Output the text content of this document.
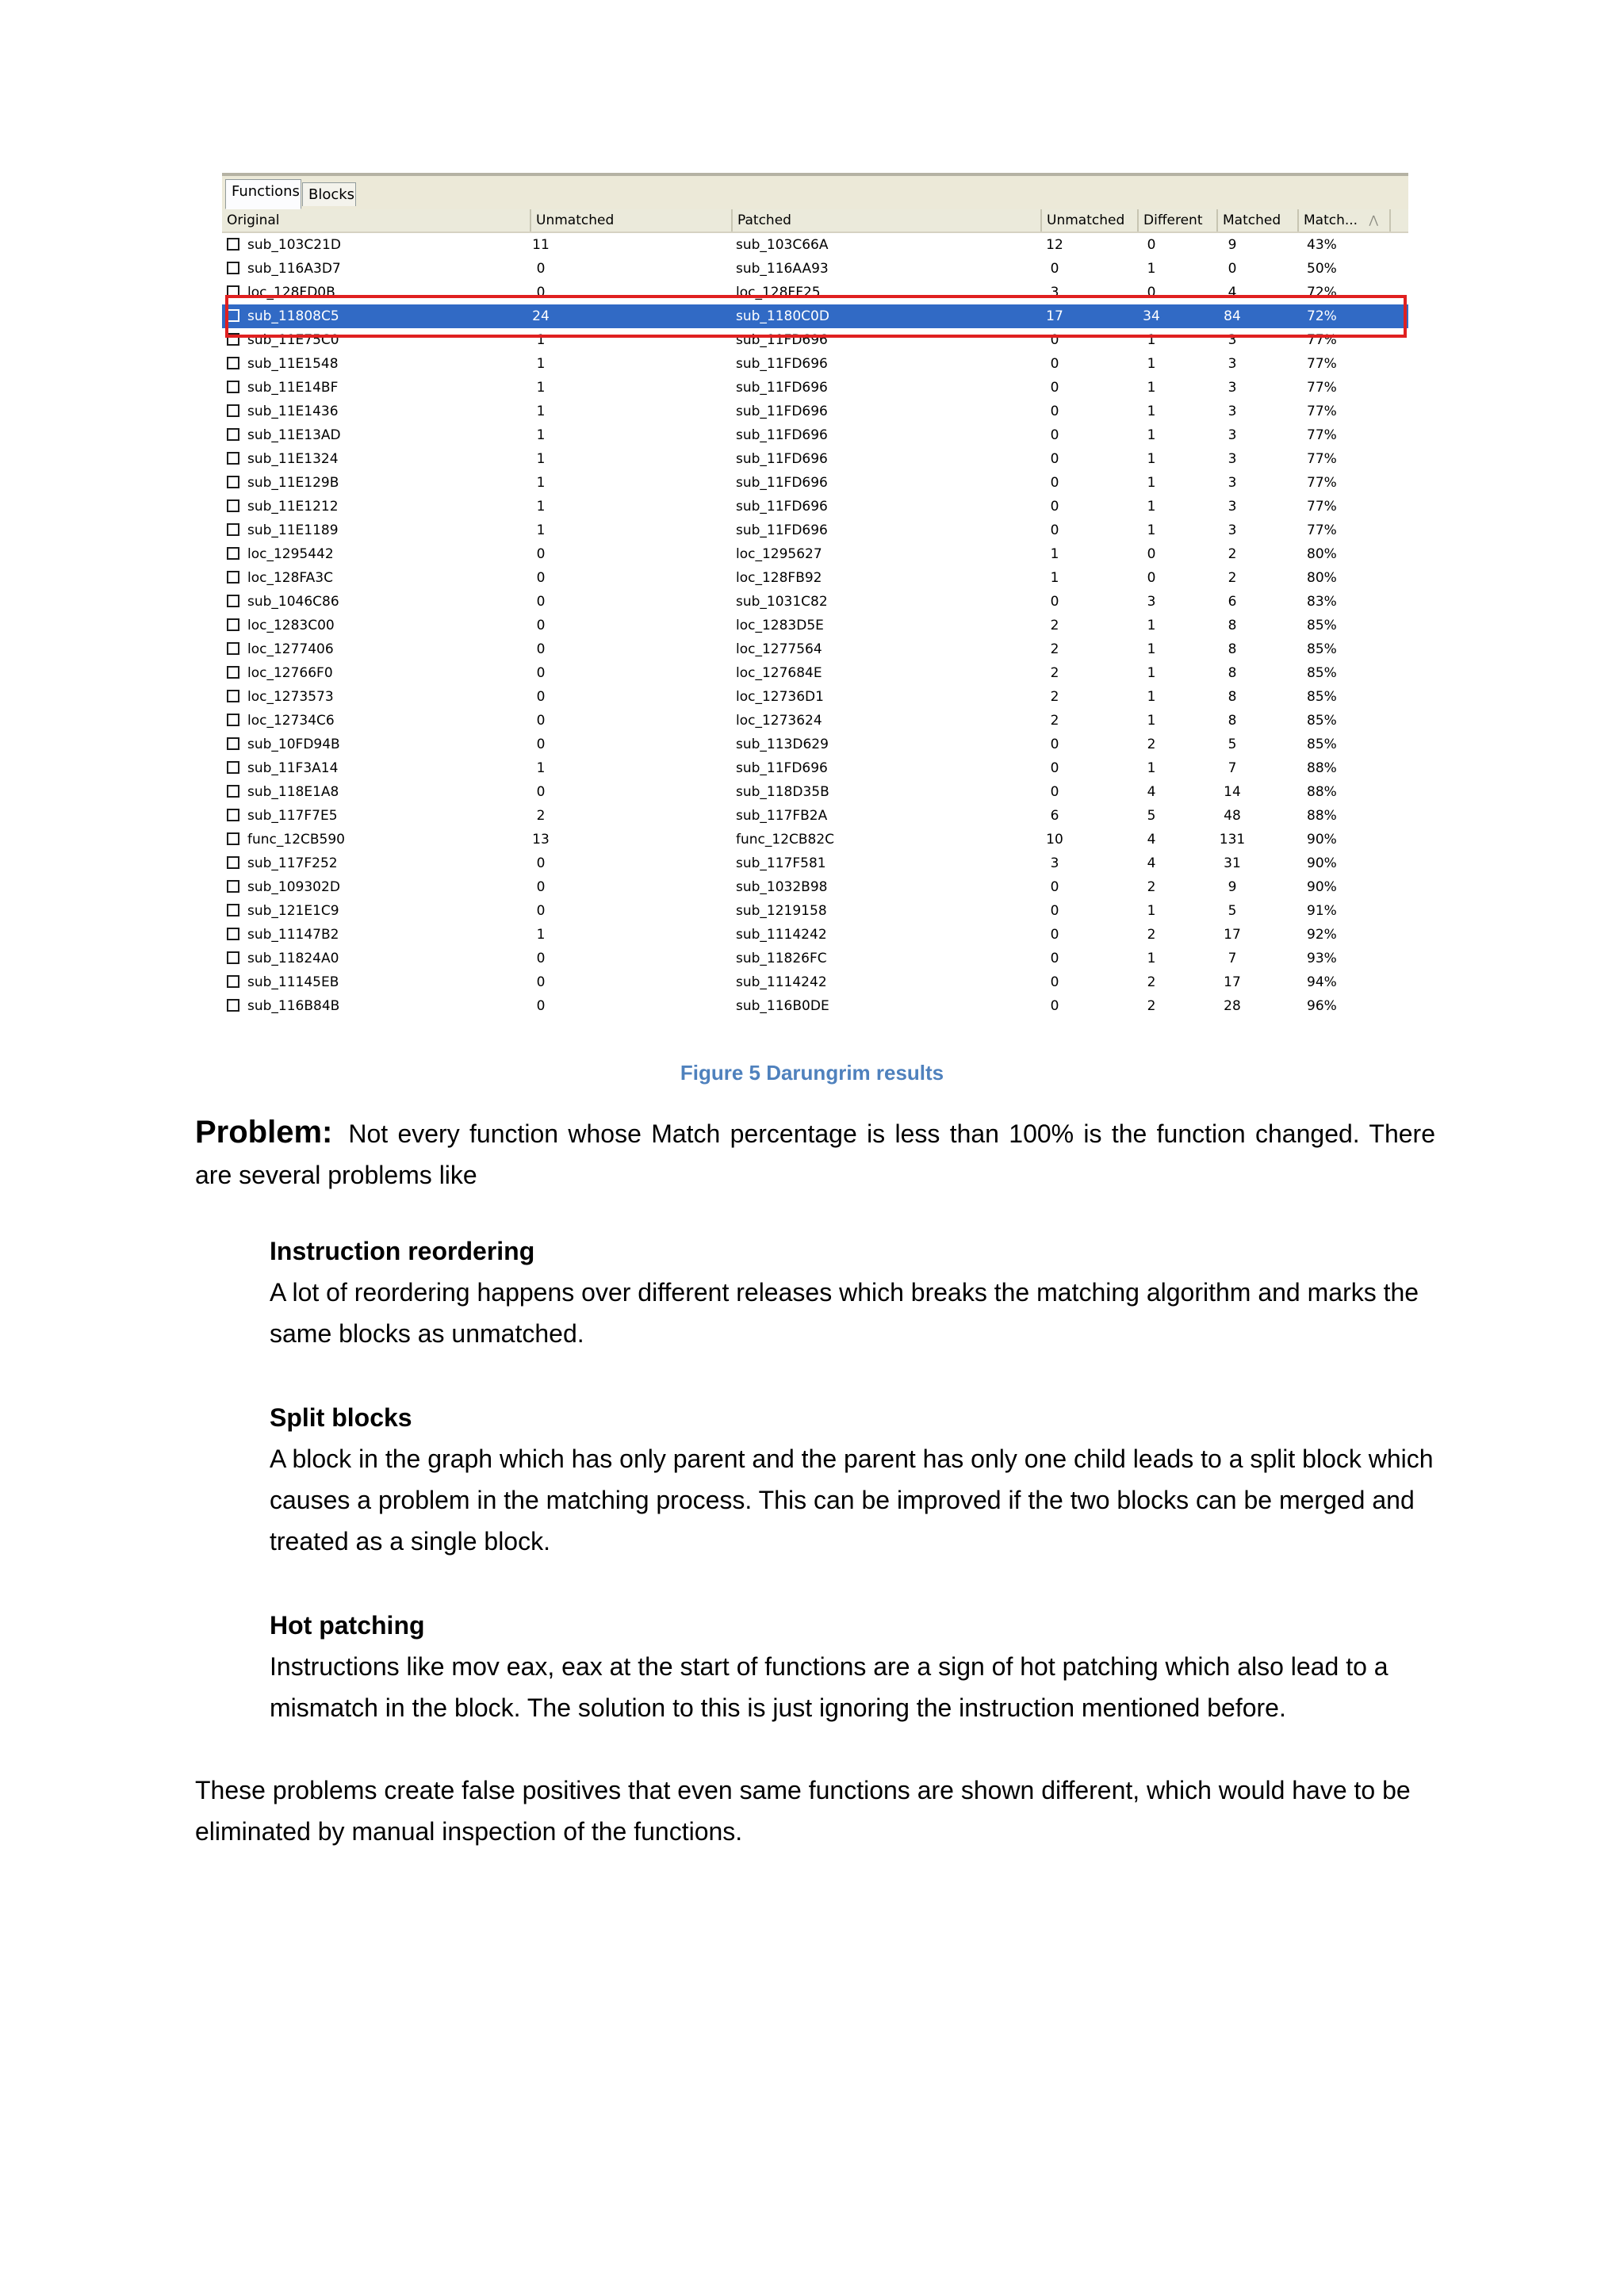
Functions Blocks
Original	Unmatched	Patched	Unmatched	Different	Matched	Match... ⋀
sub_103C21D	11	sub_103C66A	12	0	9	43%
sub_116A3D7	0	sub_116AA93	0	1	0	50%
loc_128FD0B	0	loc_128FF25	3	0	4	72%
sub_11808C5	24	sub_1180C0D	17	34	84	72%
sub_11E75C0	1	sub_11FD696	0	1	3	77%
sub_11E1548	1	sub_11FD696	0	1	3	77%
sub_11E14BF	1	sub_11FD696	0	1	3	77%
sub_11E1436	1	sub_11FD696	0	1	3	77%
sub_11E13AD	1	sub_11FD696	0	1	3	77%
sub_11E1324	1	sub_11FD696	0	1	3	77%
sub_11E129B	1	sub_11FD696	0	1	3	77%
sub_11E1212	1	sub_11FD696	0	1	3	77%
sub_11E1189	1	sub_11FD696	0	1	3	77%
loc_1295442	0	loc_1295627	1	0	2	80%
loc_128FA3C	0	loc_128FB92	1	0	2	80%
sub_1046C86	0	sub_1031C82	0	3	6	83%
loc_1283C00	0	loc_1283D5E	2	1	8	85%
loc_1277406	0	loc_1277564	2	1	8	85%
loc_12766F0	0	loc_127684E	2	1	8	85%
loc_1273573	0	loc_12736D1	2	1	8	85%
loc_12734C6	0	loc_1273624	2	1	8	85%
sub_10FD94B	0	sub_113D629	0	2	5	85%
sub_11F3A14	1	sub_11FD696	0	1	7	88%
sub_118E1A8	0	sub_118D35B	0	4	14	88%
sub_117F7E5	2	sub_117FB2A	6	5	48	88%
func_12CB590	13	func_12CB82C	10	4	131	90%
sub_117F252	0	sub_117F581	3	4	31	90%
sub_109302D	0	sub_1032B98	0	2	9	90%
sub_121E1C9	0	sub_1219158	0	1	5	91%
sub_11147B2	1	sub_1114242	0	2	17	92%
sub_11824A0	0	sub_11826FC	0	1	7	93%
sub_11145EB	0	sub_1114242	0	2	17	94%
sub_116B84B	0	sub_116B0DE	0	2	28	96%
Figure 5 Darungrim results
Problem: Not every function whose Match percentage is less than 100% is the function changed. There are several problems like
Instruction reordering
A lot of reordering happens over different releases which breaks the matching algorithm and marks the same blocks as unmatched.
Split blocks
A block in the graph which has only parent and the parent has only one child leads to a split block which causes a problem in the matching process. This can be improved if the two blocks can be merged and treated as a single block.
Hot patching
Instructions like mov eax, eax at the start of functions are a sign of hot patching which also lead to a mismatch in the block. The solution to this is just ignoring the instruction mentioned before.
These problems create false positives that even same functions are shown different, which would have to be eliminated by manual inspection of the functions.
